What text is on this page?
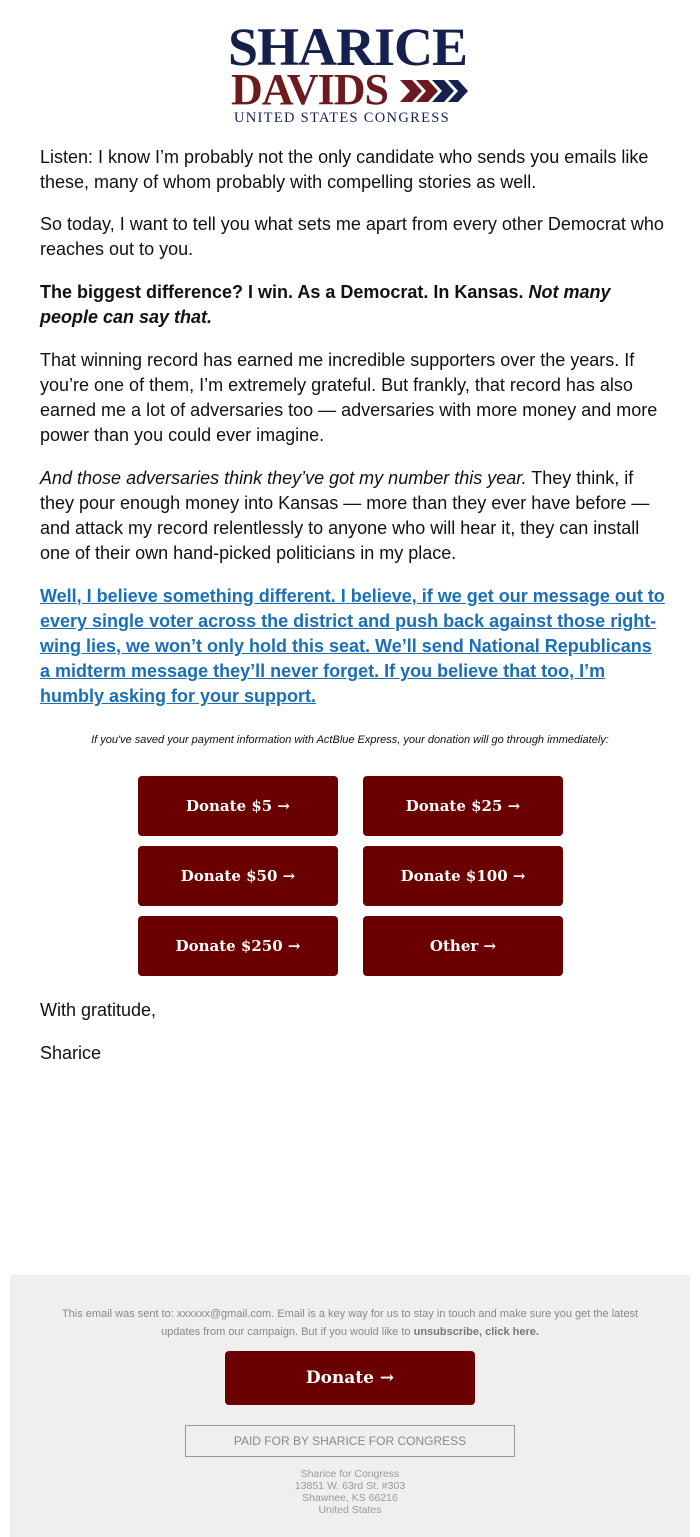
SHARICE
DAVIDS
UNITED STATES CONGRESS

Listen: I know I’m probably not the only candidate who sends you emails like these, many of whom probably with compelling stories as well.

So today, I want to tell you what sets me apart from every other Democrat who reaches out to you.

The biggest difference? I win. As a Democrat. In Kansas. Not many people can say that.

That winning record has earned me incredible supporters over the years. If you’re one of them, I’m extremely grateful. But frankly, that record has also earned me a lot of adversaries too — adversaries with more money and more power than you could ever imagine.

And those adversaries think they’ve got my number this year. They think, if they pour enough money into Kansas — more than they ever have before — and attack my record relentlessly to anyone who will hear it, they can install one of their own hand-picked politicians in my place.

Well, I believe something different. I believe, if we get our message out to every single voter across the district and push back against those right-wing lies, we won’t only hold this seat. We’ll send National Republicans a midterm message they’ll never forget. If you believe that too, I’m humbly asking for your support.

If you've saved your payment information with ActBlue Express, your donation will go through immediately:
Donate $5 →	Donate $25 →
Donate $50 →	Donate $100 →
Donate $250 →	Other →

With gratitude,

Sharice

This email was sent to: xxxxxx@gmail.com. Email is a key way for us to stay in touch and make sure you get the latest updates from our campaign. But if you would like to unsubscribe, click here.
Donate →
PAID FOR BY SHARICE FOR CONGRESS
Sharice for Congress
13851 W. 63rd St. #303
Shawnee, KS 66216
United States
